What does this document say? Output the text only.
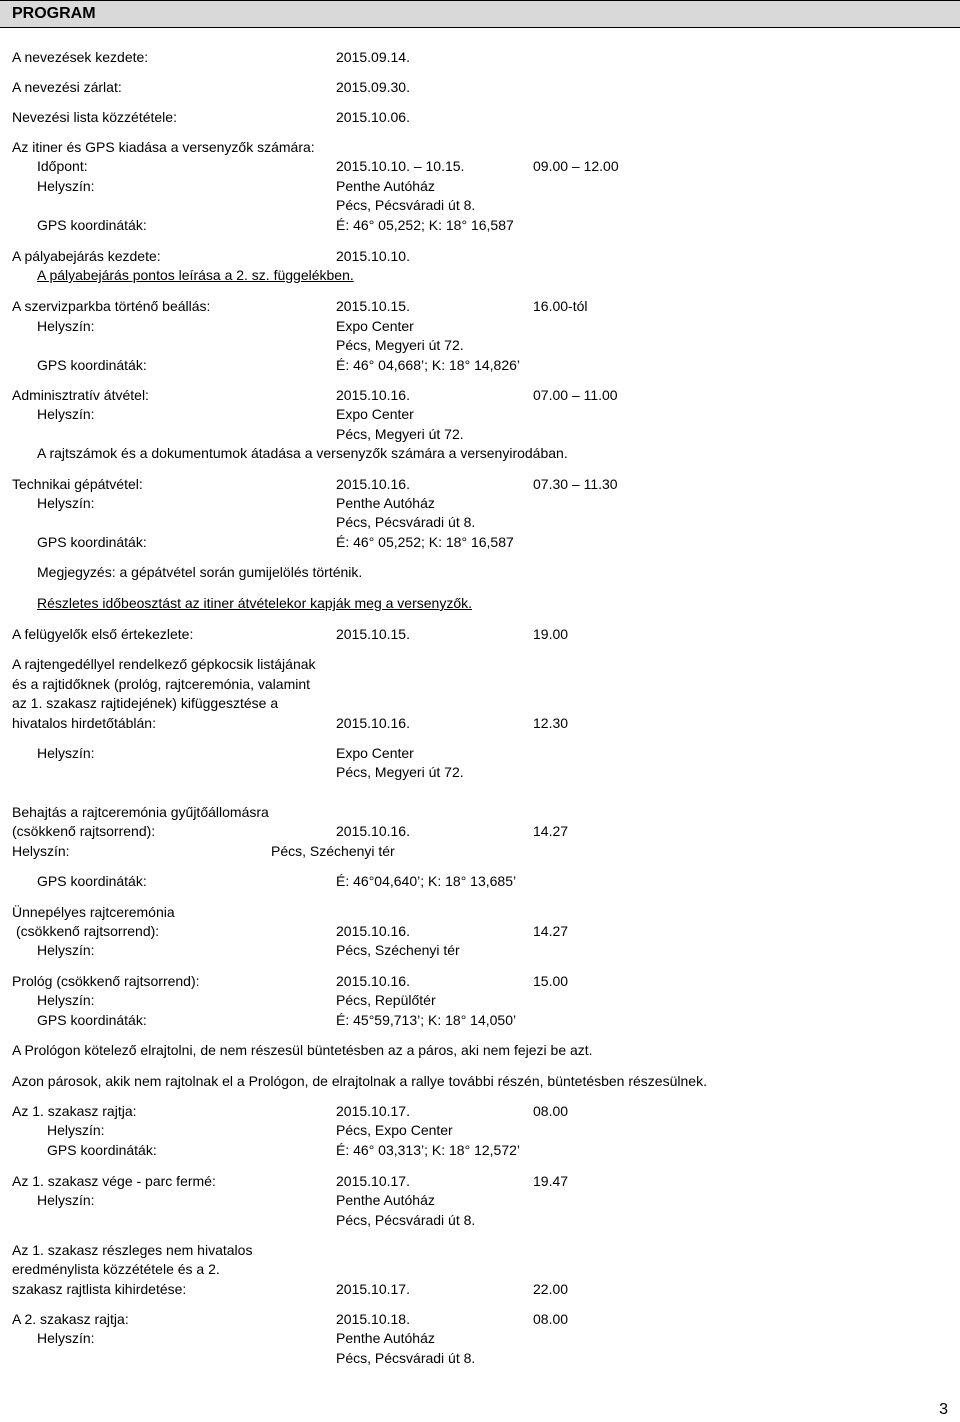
PROGRAM
A nevezések kezdete:	2015.09.14.
A nevezési zárlat:	2015.09.30.
Nevezési lista közzététele:	2015.10.06.
Az itiner és GPS kiadása a versenyzők számára:
Időpont:	2015.10.10. – 10.15.	09.00 – 12.00
Helyszín:	Penthe Autóház
Pécs, Pécsváradi út 8.
GPS koordináták:	É: 46° 05,252; K: 18° 16,587
A pályabejárás kezdete:	2015.10.10.
A pályabejárás pontos leírása a 2. sz. függelékben.
A szervizparkba történő beállás:	2015.10.15.	16.00-tól
Helyszín:	Expo Center
Pécs, Megyeri út 72.
GPS koordináták:	É: 46° 04,668’; K: 18° 14,826’
Adminisztratív átvétel:	2015.10.16.	07.00 – 11.00
Helyszín:	Expo Center
Pécs, Megyeri út 72.
A rajtszámok és a dokumentumok átadása a versenyzők számára a versenyirodában.
Technikai gépátvétel:	2015.10.16.	07.30 – 11.30
Helyszín:	Penthe Autóház
Pécs, Pécsváradi út 8.
GPS koordináták:	É: 46° 05,252; K: 18° 16,587
Megjegyzés: a gépátvétel során gumijelölés történik.
Részletes időbeosztást az itiner átvételekor kapják meg a versenyzők.
A felügyelők első értekezlete:	2015.10.15.	19.00
A rajtengedéllyel rendelkező gépkocsik listájának
és a rajtidőknek (prológ, rajtceremónia, valamint
az 1. szakasz rajtidejének) kifüggesztése a
hivatalos hirdetőtáblán:	2015.10.16.	12.30
Helyszín:	Expo Center
Pécs, Megyeri út 72.
Behajtás a rajtceremónia gyűjtőállomásra
(csökkenő rajtsorrend):	2015.10.16.	14.27
Helyszín:	Pécs, Széchenyi tér
GPS koordináták:	É: 46°04,640’; K: 18° 13,685’
Ünnepélyes rajtceremónia
(csökkenő rajtsorrend):	2015.10.16.	14.27
Helyszín:	Pécs, Széchenyi tér
Prológ (csökkenő rajtsorrend):	2015.10.16.	15.00
Helyszín:	Pécs, Repülőtér
GPS koordináták:	É: 45°59,713’; K: 18° 14,050’
A Prológon kötelező elrajtolni, de nem részesül büntetésben az a páros, aki nem fejezi be azt.
Azon párosok, akik nem rajtolnak el a Prológon, de elrajtolnak a rallye további részén, büntetésben részesülnek.
Az 1. szakasz rajtja:	2015.10.17.	08.00
Helyszín:	Pécs, Expo Center
GPS koordináták:	É: 46° 03,313’; K: 18° 12,572’
Az 1. szakasz vége - parc fermé:	2015.10.17.	19.47
Helyszín:	Penthe Autóház
Pécs, Pécsváradi út 8.
Az 1. szakasz részleges nem hivatalos
eredménylista közzététele és a 2.
szakasz rajtlista kihirdetése:	2015.10.17.	22.00
A 2. szakasz rajtja:	2015.10.18.	08.00
Helyszín:	Penthe Autóház
Pécs, Pécsváradi út 8.
3
